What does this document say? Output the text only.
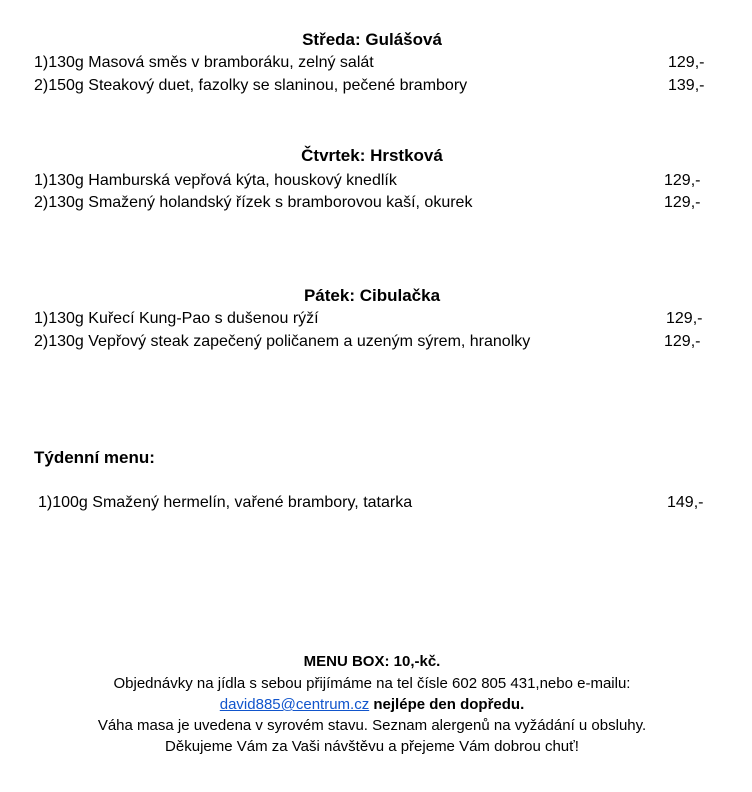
Středa: Gulášová
1)130g Masová směs v bramboráku, zelný salát	129,-
2)150g Steakový duet, fazolky se slaninou, pečené brambory	139,-
Čtvrtek: Hrstková
1)130g Hamburská vepřová kýta, houskový knedlík	129,-
2)130g Smažený holandský řízek s bramborovou kaší, okurek	129,-
Pátek: Cibulačka
1)130g Kuřecí Kung-Pao s dušenou rýží	129,-
2)130g Vepřový steak zapečený poličanem a uzeným sýrem, hranolky	129,-
Týdenní menu:
1)100g Smažený hermelín, vařené brambory, tatarka	149,-
MENU BOX: 10,-kč.
Objednávky na jídla s sebou přijímáme na tel čísle 602 805 431,nebo e-mailu:
david885@centrum.cz nejlépe den dopředu.
Váha masa je uvedena v syrovém stavu. Seznam alergenů na vyžádání u obsluhy.
Děkujeme Vám za Vaši návštěvu a přejeme Vám dobrou chuť!
